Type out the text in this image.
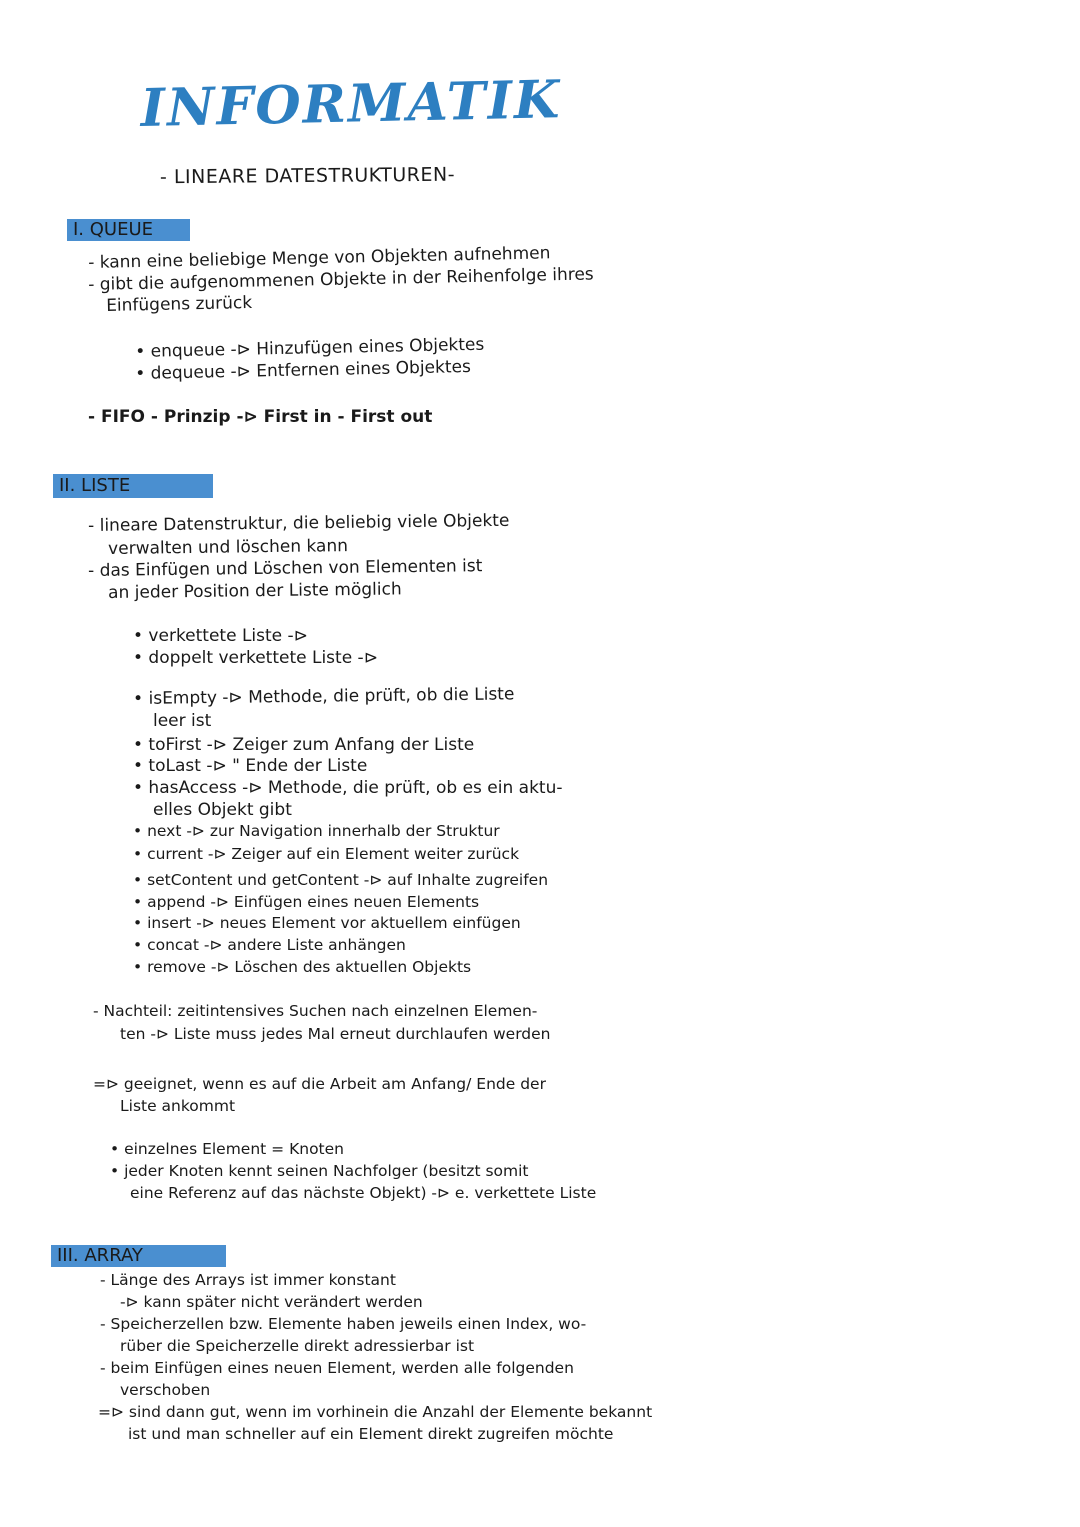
INFORMATIK
- LINEARE DATESTRUKTUREN-
I. QUEUE
- kann eine beliebige Menge von Objekten aufnehmen
- gibt die aufgenommenen Objekte in der Reihenfolge ihres
Einfügens zurück
• enqueue -⊳ Hinzufügen eines Objektes
• dequeue -⊳ Entfernen eines Objektes
- FIFO - Prinzip -⊳ First in - First out
II. LISTE
- lineare Datenstruktur, die beliebig viele Objekte
verwalten und löschen kann
- das Einfügen und Löschen von Elementen ist
an jeder Position der Liste möglich
• verkettete Liste -⊳
• doppelt verkettete Liste -⊳
• isEmpty -⊳ Methode, die prüft, ob die Liste
leer ist
• toFirst -⊳ Zeiger zum Anfang der Liste
• toLast -⊳ " Ende der Liste
• hasAccess -⊳ Methode, die prüft, ob es ein aktu-
elles Objekt gibt
• next -⊳ zur Navigation innerhalb der Struktur
• current -⊳ Zeiger auf ein Element weiter zurück
• setContent und getContent -⊳ auf Inhalte zugreifen
• append -⊳ Einfügen eines neuen Elements
• insert -⊳ neues Element vor aktuellem einfügen
• concat -⊳ andere Liste anhängen
• remove -⊳ Löschen des aktuellen Objekts
- Nachteil: zeitintensives Suchen nach einzelnen Elemen-
ten -⊳ Liste muss jedes Mal erneut durchlaufen werden
=⊳ geeignet, wenn es auf die Arbeit am Anfang/ Ende der
Liste ankommt
• einzelnes Element = Knoten
• jeder Knoten kennt seinen Nachfolger (besitzt somit
eine Referenz auf das nächste Objekt) -⊳ e. verkettete Liste
III. ARRAY
- Länge des Arrays ist immer konstant
-⊳ kann später nicht verändert werden
- Speicherzellen bzw. Elemente haben jeweils einen Index, wo-
rüber die Speicherzelle direkt adressierbar ist
- beim Einfügen eines neuen Element, werden alle folgenden
verschoben
=⊳ sind dann gut, wenn im vorhinein die Anzahl der Elemente bekannt
ist und man schneller auf ein Element direkt zugreifen möchte
